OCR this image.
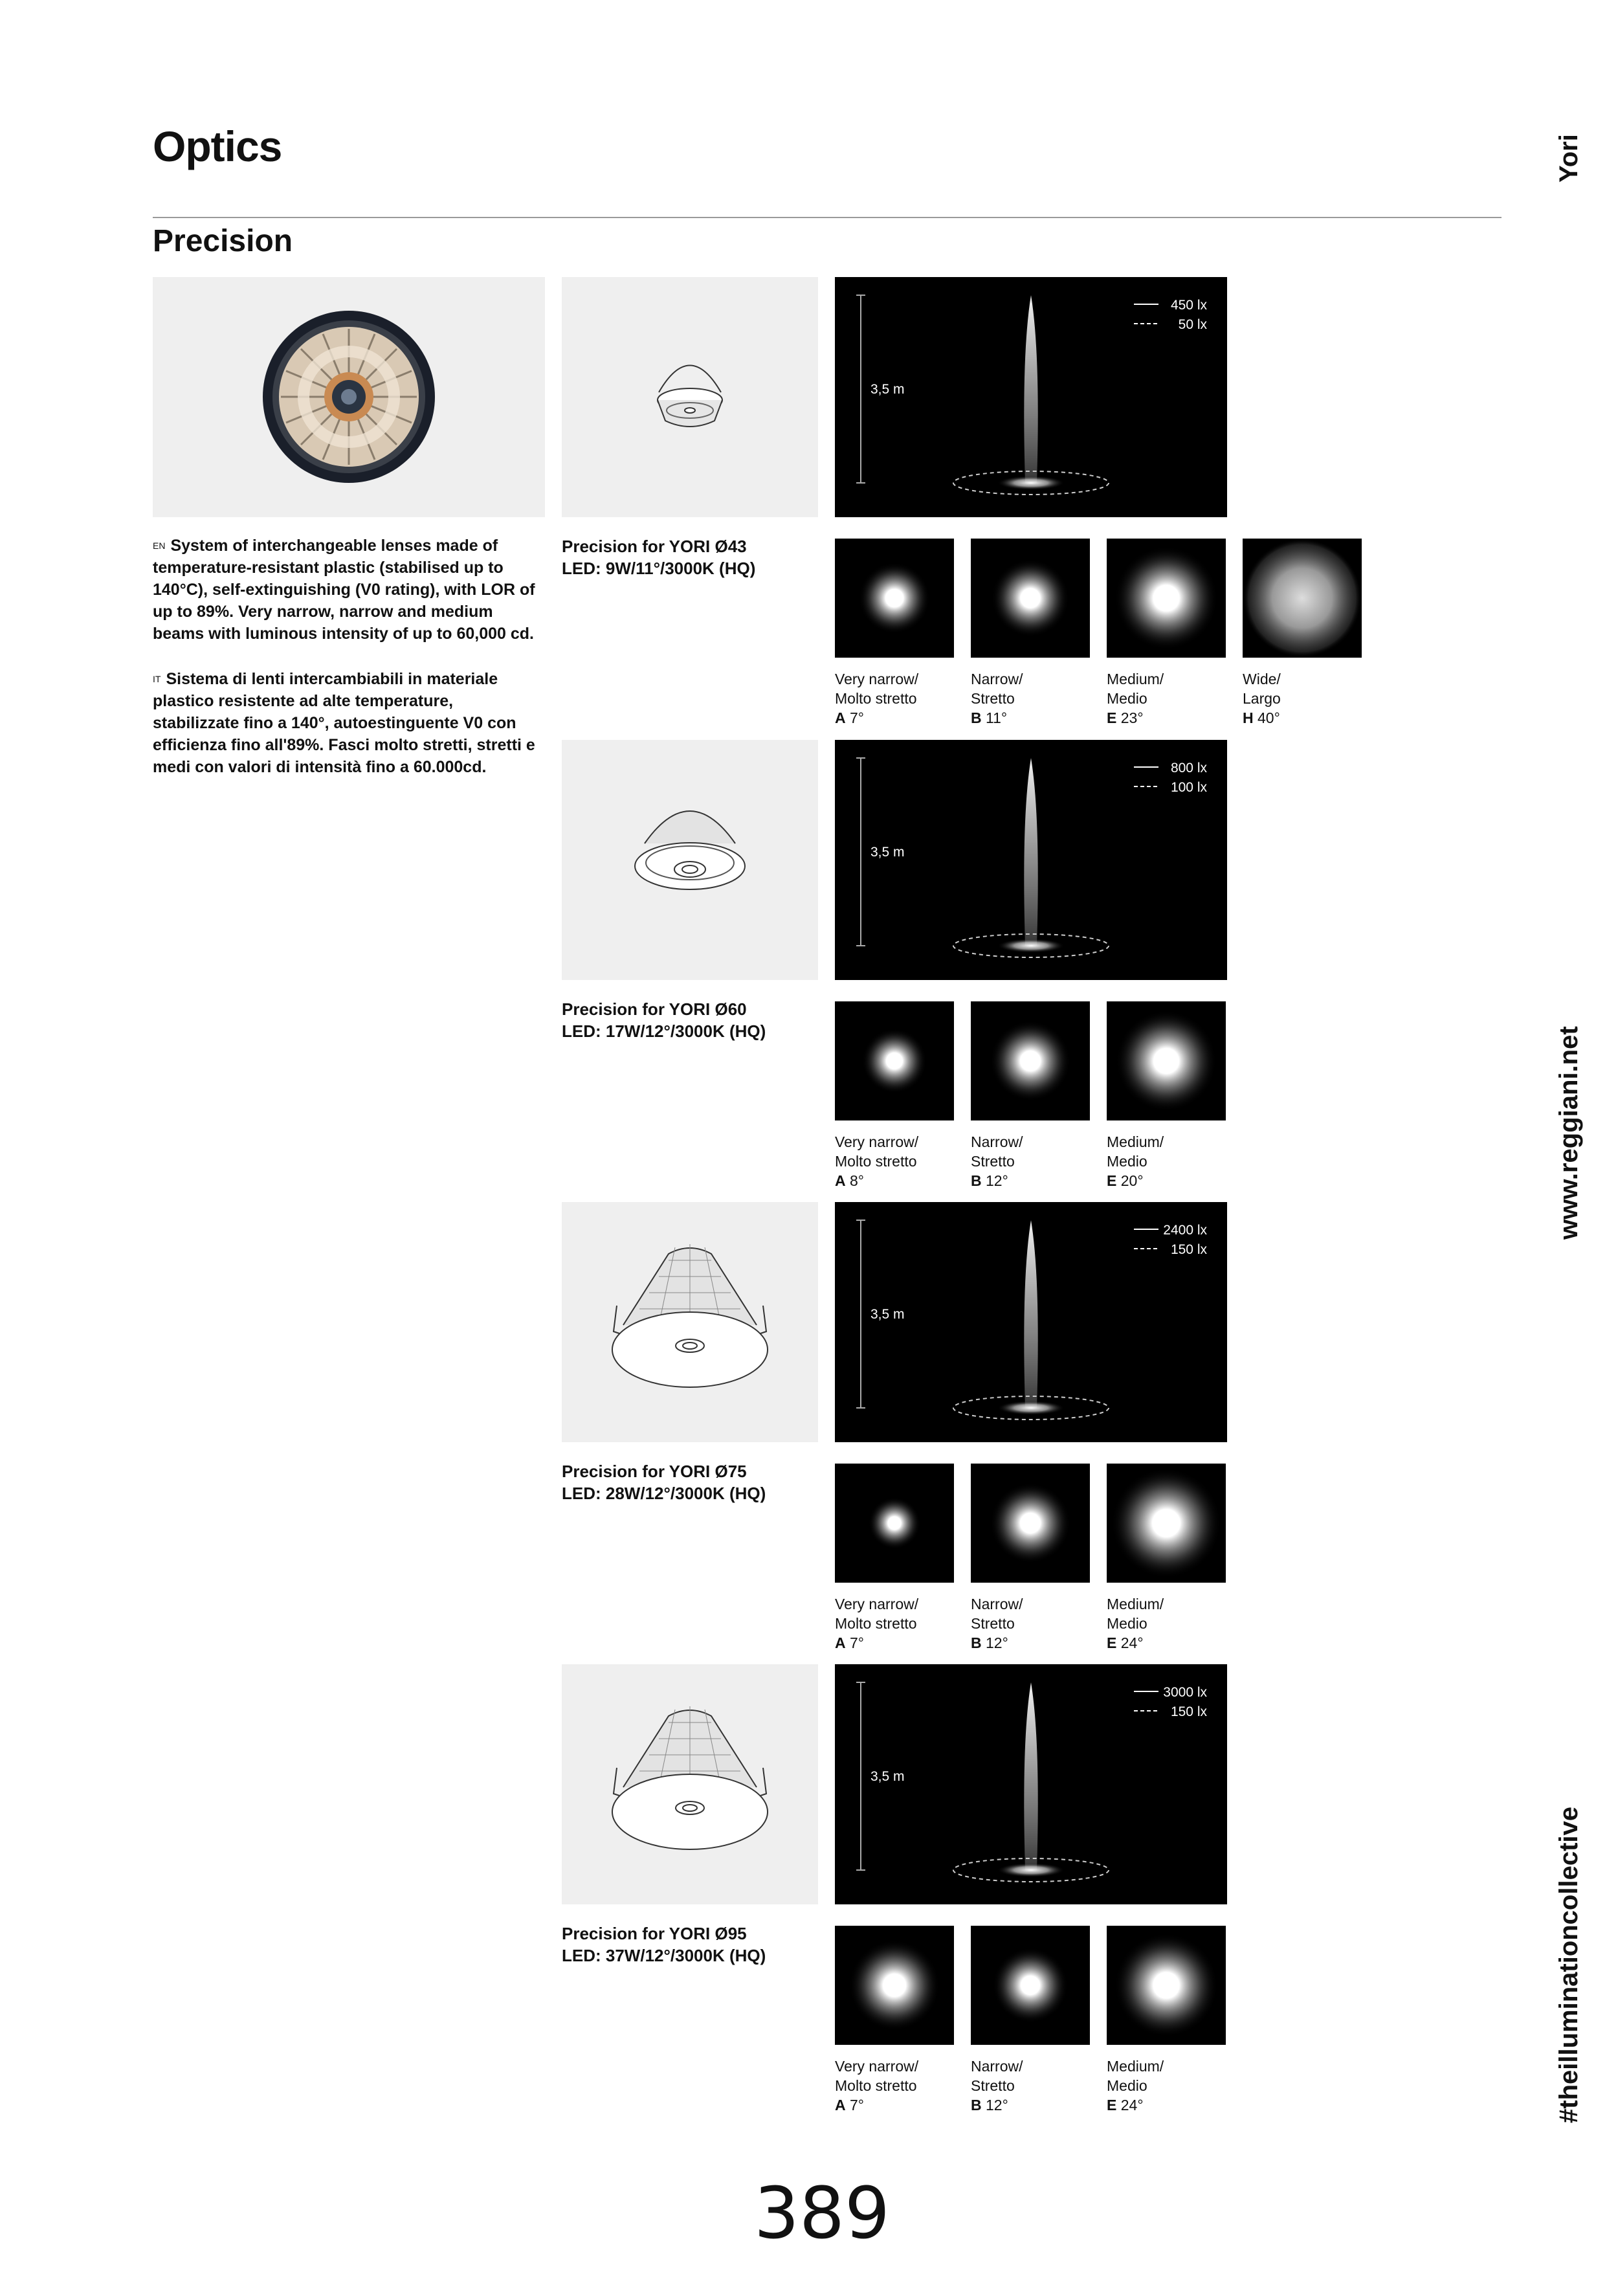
Optics
Precision
Yori
www.reggiani.net
#theilluminationcollective
$^{EN}$ System of interchangeable lenses made of temperature-resistant plastic (stabilised up to 140°C), self-extinguishing (V0 rating), with LOR of up to 89%. Very narrow, narrow and medium beams with luminous intensity of up to 60,000 cd.
$^{IT}$ Sistema di lenti intercambiabili in materiale plastico resistente ad alte temperature, stabilizzate fino a 140°, autoestinguente V0 con efficienza fino all'89%. Fasci molto stretti, stretti e medi con valori di intensità fino a 60.000cd.
389
450 lx
50 lx
3,5 m
Precision for YORI Ø43
LED: 9W/11°/3000K (HQ)
Very narrow/
Molto stretto
A 7°
Narrow/
Stretto
B 11°
Medium/
Medio
E 23°
Wide/
Largo
H 40°
800 lx
100 lx
3,5 m
Precision for YORI Ø60
LED: 17W/12°/3000K (HQ)
Very narrow/
Molto stretto
A 8°
Narrow/
Stretto
B 12°
Medium/
Medio
E 20°
2400 lx
150 lx
3,5 m
Precision for YORI Ø75
LED: 28W/12°/3000K (HQ)
Very narrow/
Molto stretto
A 7°
Narrow/
Stretto
B 12°
Medium/
Medio
E 24°
3000 lx
150 lx
3,5 m
Precision for YORI Ø95
LED: 37W/12°/3000K (HQ)
Very narrow/
Molto stretto
A 7°
Narrow/
Stretto
B 12°
Medium/
Medio
E 24°
